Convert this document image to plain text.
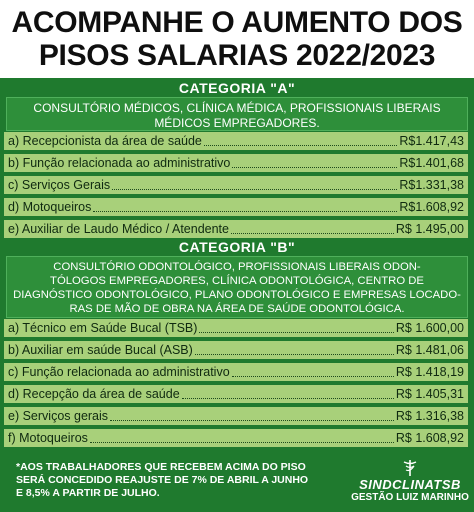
ACOMPANHE O AUMENTO DOS
PISOS SALARIAS 2022/2023
CATEGORIA "A"
CONSULTÓRIO MÉDICOS, CLÍNICA MÉDICA, PROFISSIONAIS LIBERAIS
MÉDICOS EMPREGADORES.
a) Recepcionista da área de saúde	R$1.417,43
b) Função relacionada ao administrativo	R$1.401,68
c) Serviços Gerais	R$1.331,38
d) Motoqueiros	R$1.608,92
e) Auxiliar de Laudo Médico / Atendente	R$ 1.495,00
CATEGORIA "B"
CONSULTÓRIO ODONTOLÓGICO, PROFISSIONAIS LIBERAIS ODON-
TÓLOGOS EMPREGADORES, CLÍNICA ODONTOLÓGICA, CENTRO DE
DIAGNÓSTICO ODONTOLÓGICO, PLANO ODONTOLÓGICO E EMPRESAS LOCADO-
RAS DE MÃO DE OBRA NA ÁREA DE SAÚDE ODONTOLÓGICA.
a) Técnico em Saúde Bucal (TSB)	R$ 1.600,00
b) Auxiliar em saúde Bucal (ASB)	R$ 1.481,06
c) Função relacionada ao administrativo	R$ 1.418,19
d) Recepção da área de saúde	R$ 1.405,31
e) Serviços gerais	R$ 1.316,38
f) Motoqueiros	R$ 1.608,92
*AOS TRABALHADORES QUE RECEBEM ACIMA DO PISO
SERÁ CONCEDIDO REAJUSTE DE 7% DE ABRIL A JUNHO
E 8,5% A PARTIR DE JULHO.
SINDCLINATSB
GESTÃO LUIZ MARINHO
